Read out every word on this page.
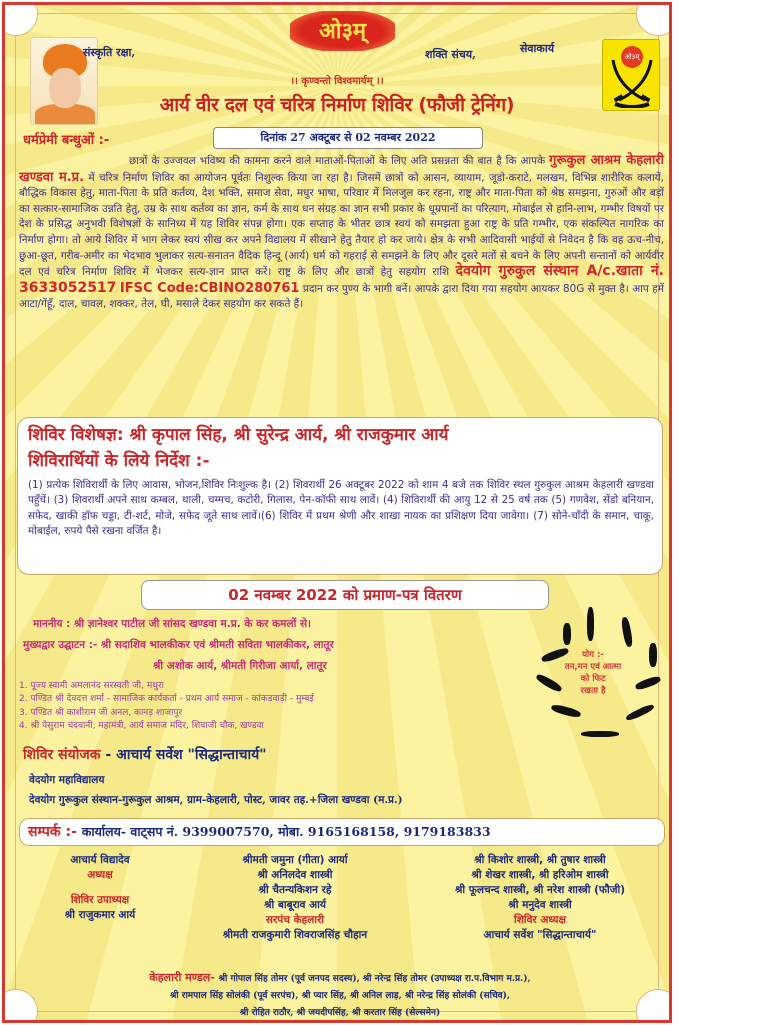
ओ३म्
संस्कृति रक्षा,	शक्ति संचय,	सेवाकार्य
ओ३म्
।। कृण्वन्तो विश्वमार्यम् ।।
आर्य वीर दल एवं चरित्र निर्माण शिविर (फौजी ट्रेनिंग)
धर्मप्रेमी बन्धुओं :-	दिनांक 27 अक्टूबर से 02 नवम्बर 2022
छात्रों के उज्जवल भविष्य की कामना करने वाले माताओं-पिताओं के लिए अति प्रसन्नता की बात है कि आपके गुरूकुल आश्रम केहलारी खण्डवा म.प्र. में चरित्र निर्माण शिविर का आयोजन पूर्वतः निशुल्क किया जा रहा है। जिसमें छात्रों को आसन, व्यायाम, जूडो-कराटे, मलखम, विभिन्न शारीरिक कलायें, बौद्धिक विकास हेतु, माता-पिता के प्रति कर्तव्य, देश भक्ति, समाज सेवा, मधुर भाषा, परिवार में मिलजुल कर रहना, राष्ट्र और माता-पिता को श्रेष्ठ समझना, गुरुओं और बड़ों का सत्कार-सामाजिक उन्नति हेतु, उम्र के साथ कर्तव्य का ज्ञान, कर्म के साथ धन संग्रह का ज्ञान सभी प्रकार के धूम्रपानों का परित्याग, मोबाईल से हानि-लाभ, गम्भीर विषयों पर देश के प्रसिद्ध अनुभवी विशेषज्ञों के सानिध्य में यह शिविर संपन्न होगा। एक सप्ताह के भीतर छात्र स्वयं को समझता हुआ राष्ट्र के प्रति गम्भीर, एक संकल्पित नागरिक का निर्माण होगा। तो आये शिविर में भाग लेकर स्वयं सीख कर अपने विद्यालय में सीखाने हेतु तैयार हो कर जाये। क्षेत्र के सभी आदिवासी भाईयों से निवेदन है कि वह ऊच-नीच, छुआ-छूत, गरीब-अमीर का भेदभाव भुलाकर सत्य-सनातन वैदिक हिन्दू (आर्य) धर्म को गहराई से समझने के लिए और दूसरे मतों से बचने के लिए अपनी सन्तानों को आर्यवीर दल एवं चरित्र निर्माण शिविर में भेजकर सत्य-ज्ञान प्राप्त करें। राष्ट्र के लिए और छात्रों हेतु सहयोग राशि देवयोग गुरुकुल संस्थान A/c.खाता नं. 3633052517 IFSC Code:CBINO280761 प्रदान कर पुण्य के भागी बनें। आपके द्वारा दिया गया सहयोग आयकर 80G से मुक्त है। आप हमें आटा/गेंहूँ, दाल, चावल, शक्कर, तेल, घी, मसाले देकर सहयोग कर सकते हैं।
शिविर विशेषज्ञ: श्री कृपाल सिंह, श्री सुरेन्द्र आर्य, श्री राजकुमार आर्य
शिविरार्थियों के लिये निर्देश :-
(1) प्रत्येक शिविरार्थी के लिए आवास, भोजन,शिविर निःशुल्क है। (2) शिवरार्थी 26 अक्टूबर 2022 को शाम 4 बजे तक शिविर स्थल गुरुकुल आश्रम केहलारी खण्डवा पहुँचें। (3) शिवरार्थी अपने साथ कम्बल, थाली, चम्मच, कटोरी, गिलास, पेन-कॉफी साथ लावें। (4) शिविरार्थी की आयु 12 से 25 वर्ष तक (5) गणवेश, सेंडो बनियान, सफेद, खाकी हॉफ चड्डा, टी-शर्ट, मोजे, सफेद जूते साथ लावें।(6) शिविर में प्रथम श्रेणी और शाखा नायक का प्रशिक्षण दिया जावेगा। (7) सोने-चाँदी के समान, चाकू, मोबाईल, रुपये पैसे रखना वर्जित है।
02 नवम्बर 2022 को प्रमाण-पत्र वितरण
माननीय : श्री ज्ञानेश्वर पाटील जी सांसद खण्डवा म.प्र. के कर कमलों से।
मुख्यद्वार उद्घाटन :- श्री सदाशिव भालकीकर एवं श्रीमती सविता भालकीकर, लातूर
श्री अशोक आर्य, श्रीमती गिरीजा आर्या, लातूर
1. पूज्य स्वामी अमलानंद सरस्वती जी, मथुरा
2. पण्डित श्री देवदत्त शर्मा - सामाजिक कार्यकर्ता - प्रथम आर्य समाज - कांकडवाड़ी - मुम्बई
3. पण्डित श्री काशीराम जी अनल, कानड़ शाजापुर
4. श्री पेसुराम चंदवानी, महामंत्री, आर्य समाज मंदिर, शिवाजी चौक, खण्डवा
योग :-
तन,मन एवं आत्मा
को फिट
रखता है
शिविर संयोजक - आचार्य सर्वेश "सिद्धान्ताचार्य"
वेदयोग महाविद्यालय
देवयोग गुरूकुल संस्थान-गुरूकुल आश्रम, ग्राम-केहलारी, पोस्ट, जावर तह.+जिला खण्डवा (म.प्र.)
सम्पर्क :- कार्यालय- वाट्सप नं. 9399007570, मोबा. 9165168158, 9179183833
आचार्य विद्यादेव
अध्यक्ष
शिविर उपाध्यक्ष
श्री राजुकमार आर्य
श्रीमती जमुना (गीता) आर्या
श्री अनिलदेव शास्त्री
श्री चैतन्यकिशन रहे
श्री बाबूराव आर्य
सरपंच केहलारी
श्रीमती राजकुमारी शिवराजसिंह चौहान
श्री किशोर शास्त्री, श्री तुषार शास्त्री
श्री शेखर शास्त्री, श्री हरिओम शास्त्री
श्री फूलचन्द शास्त्री, श्री नरेश शास्त्री (फौजी)
श्री मनुदेव शास्त्री
शिविर अध्यक्ष
आचार्य सर्वेश "सिद्धान्ताचार्य"
केहलारी मण्डल- श्री गोपाल सिंह तोमर (पूर्व जनपद सदस्य), श्री नरेन्द्र सिंह तोमर (उपाध्यक्ष रा.प.विभाग म.प्र.),
श्री रामपाल सिंह सोलंकी (पूर्व सरपंच), श्री प्यार सिंह, श्री अनिल लाड़, श्री नरेन्द्र सिंह सोलंकी (सचिव),
श्री रोहित राठौर, श्री जयदीपसिंह, श्री करतार सिंह (सेल्समेन)
